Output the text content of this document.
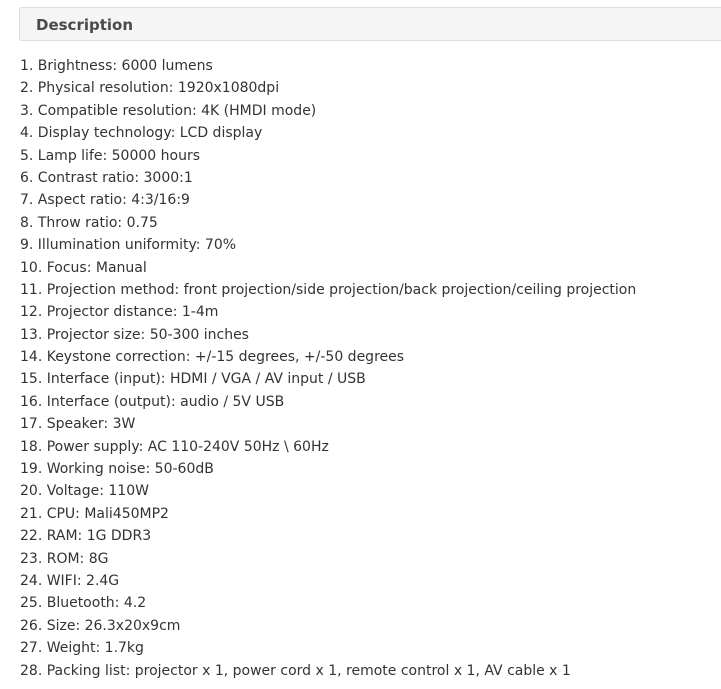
Description
1. Brightness: 6000 lumens
2. Physical resolution: 1920x1080dpi
3. Compatible resolution: 4K (HMDI mode)
4. Display technology: LCD display
5. Lamp life: 50000 hours
6. Contrast ratio: 3000:1
7. Aspect ratio: 4:3/16:9
8. Throw ratio: 0.75
9. Illumination uniformity: 70%
10. Focus: Manual
11. Projection method: front projection/side projection/back projection/ceiling projection
12. Projector distance: 1-4m
13. Projector size: 50-300 inches
14. Keystone correction: +/-15 degrees, +/-50 degrees
15. Interface (input): HDMI / VGA / AV input / USB
16. Interface (output): audio / 5V USB
17. Speaker: 3W
18. Power supply: AC 110-240V 50Hz \ 60Hz
19. Working noise: 50-60dB
20. Voltage: 110W
21. CPU: Mali450MP2
22. RAM: 1G DDR3
23. ROM: 8G
24. WIFI: 2.4G
25. Bluetooth: 4.2
26. Size: 26.3x20x9cm
27. Weight: 1.7kg
28. Packing list: projector x 1, power cord x 1, remote control x 1, AV cable x 1
